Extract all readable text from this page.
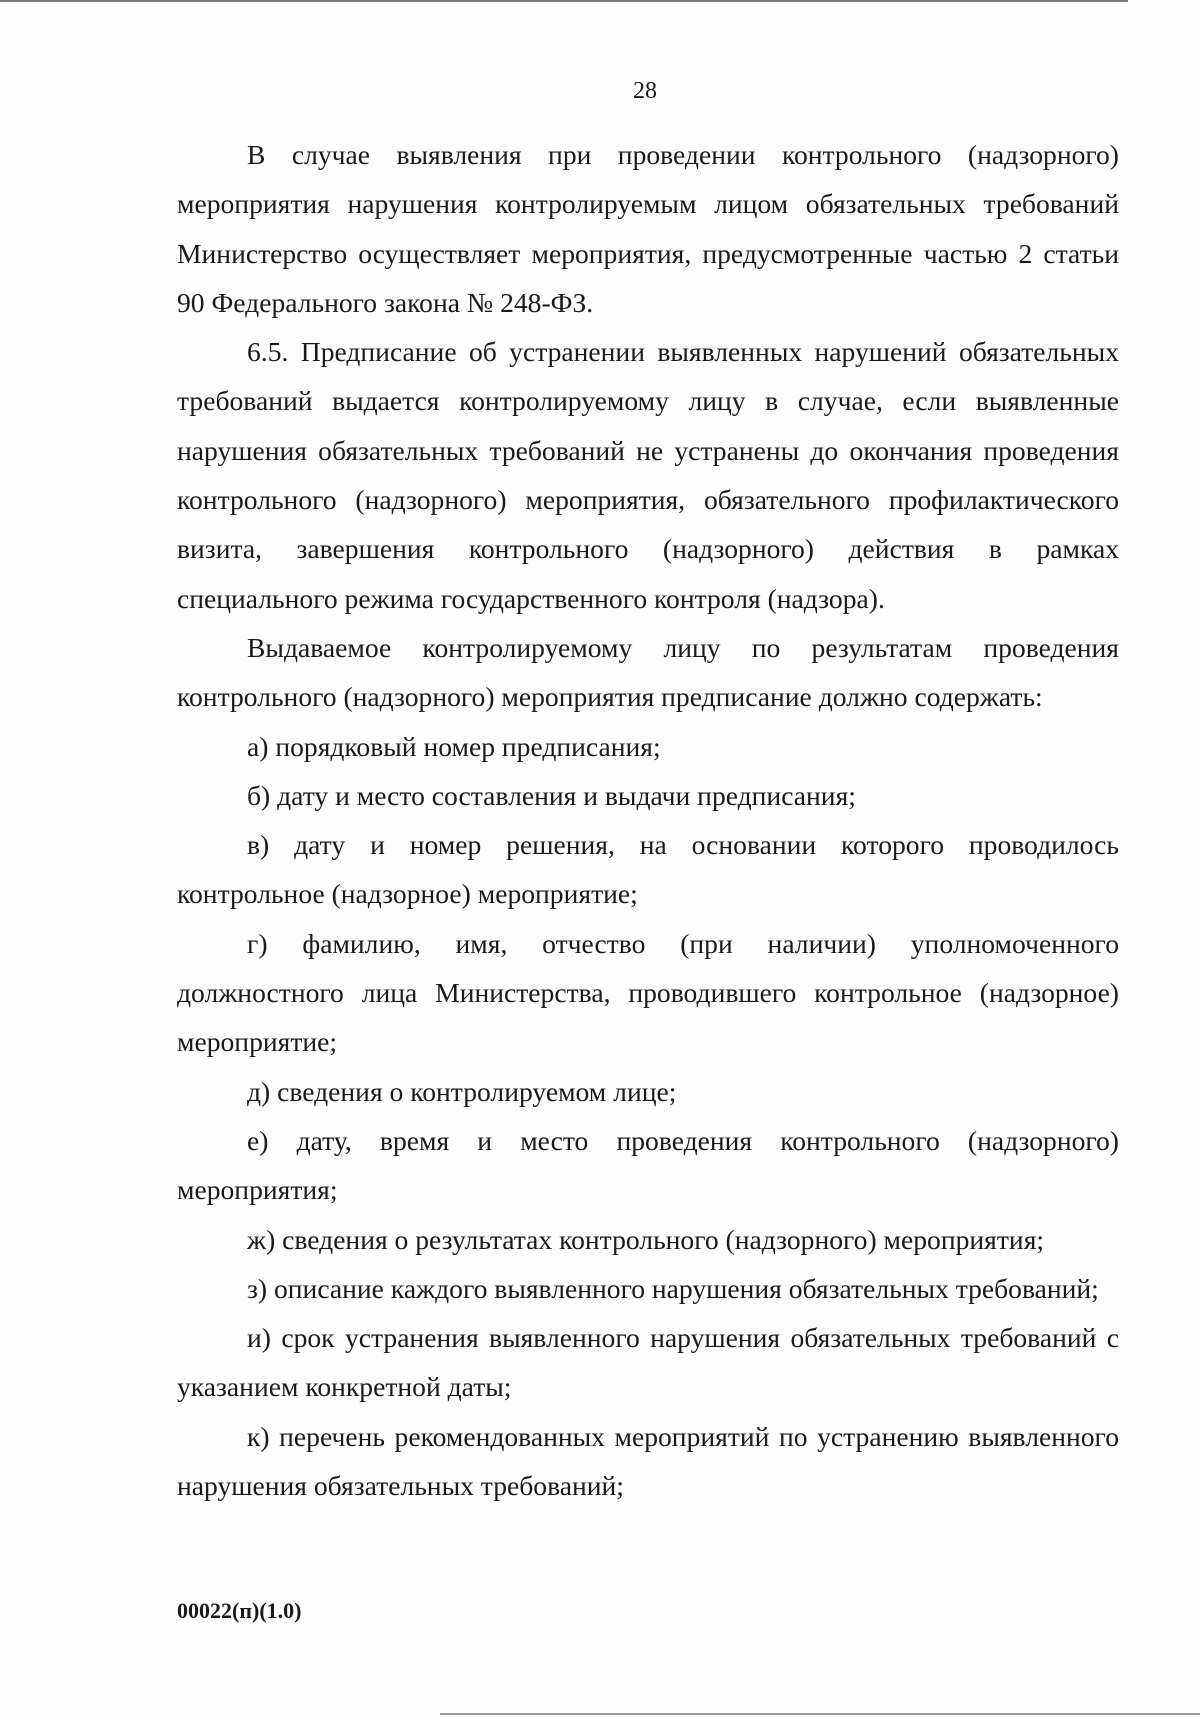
28

В случае выявления при проведении контрольного (надзорного) мероприятия нарушения контролируемым лицом обязательных требований Министерство осуществляет мероприятия, предусмотренные частью 2 статьи 90 Федерального закона № 248-ФЗ.

6.5. Предписание об устранении выявленных нарушений обязательных требований выдается контролируемому лицу в случае, если выявленные нарушения обязательных требований не устранены до окончания проведения контрольного (надзорного) мероприятия, обязательного профилактического визита, завершения контрольного (надзорного) действия в рамках специального режима государственного контроля (надзора).

Выдаваемое контролируемому лицу по результатам проведения контрольного (надзорного) мероприятия предписание должно содержать:

а) порядковый номер предписания;

б) дату и место составления и выдачи предписания;

в) дату и номер решения, на основании которого проводилось контрольное (надзорное) мероприятие;

г) фамилию, имя, отчество (при наличии) уполномоченного должностного лица Министерства, проводившего контрольное (надзорное) мероприятие;

д) сведения о контролируемом лице;

е) дату, время и место проведения контрольного (надзорного) мероприятия;

ж) сведения о результатах контрольного (надзорного) мероприятия;

з) описание каждого выявленного нарушения обязательных требований;

и) срок устранения выявленного нарушения обязательных требований с указанием конкретной даты;

к) перечень рекомендованных мероприятий по устранению выявленного нарушения обязательных требований;

00022(п)(1.0)
